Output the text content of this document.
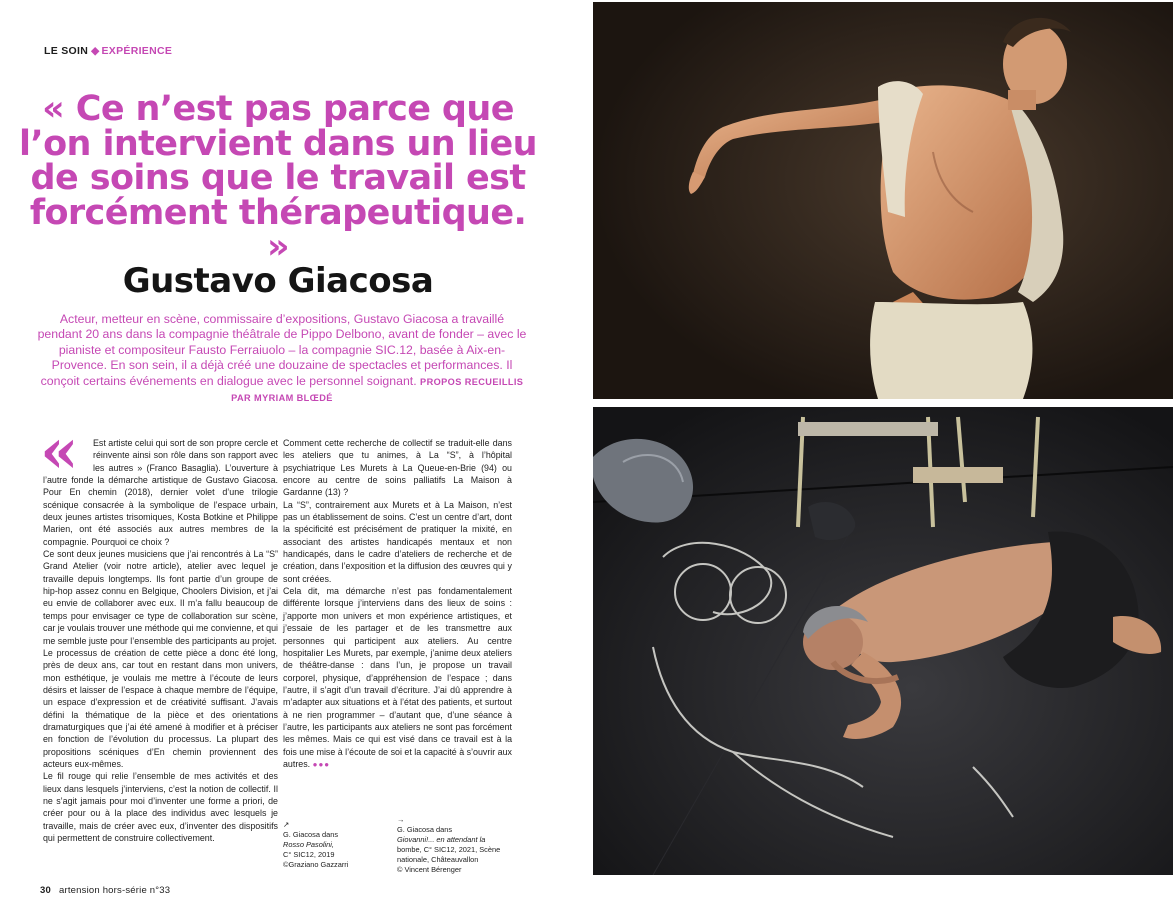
LE SOIN ◆ EXPÉRIENCE
« Ce n’est pas parce que l’on intervient dans un lieu de soins que le travail est forcément thérapeutique. »
Gustavo Giacosa
Acteur, metteur en scène, commissaire d’expositions, Gustavo Giacosa a travaillé pendant 20 ans dans la compagnie théâtrale de Pippo Delbono, avant de fonder – avec le pianiste et compositeur Fausto Ferraiuolo – la compagnie SIC.12, basée à Aix-en-Provence. En son sein, il a déjà créé une douzaine de spectacles et performances. Il conçoit certains événements en dialogue avec le personnel soignant. PROPOS RECUEILLIS PAR MYRIAM BLŒDÉ
«	Est artiste celui qui sort de son propre cercle et réinvente ainsi son rôle dans son rapport avec les autres » (Franco Basaglia). L’ouverture à l’autre fonde la démarche artistique de Gustavo Giacosa. Pour En chemin (2018), dernier volet d’une trilogie scénique consacrée à la symbolique de l’espace urbain, deux jeunes artistes trisomiques, Kosta Botkine et Philippe Marien, ont été associés aux autres membres de la compagnie. Pourquoi ce choix ?

Ce sont deux jeunes musiciens que j’ai rencontrés à La “S” Grand Atelier (voir notre article), atelier avec lequel je travaille depuis longtemps. Ils font partie d’un groupe de hip-hop assez connu en Belgique, Choolers Division, et j’ai eu envie de collaborer avec eux. Il m’a fallu beaucoup de temps pour envisager ce type de collaboration sur scène, car je voulais trouver une méthode qui me convienne, et qui me semble juste pour l’ensemble des participants au projet.

Le processus de création de cette pièce a donc été long, près de deux ans, car tout en restant dans mon univers, mon esthétique, je voulais me mettre à l’écoute de leurs désirs et laisser de l’espace à chaque membre de l’équipe, un espace d’expression et de créativité suffisant. J’avais défini la thématique de la pièce et des orientations dramaturgiques que j’ai été amené à modifier et à préciser en fonction de l’évolution du processus. La plupart des propositions scéniques d’En chemin proviennent des acteurs eux-mêmes.

Le fil rouge qui relie l’ensemble de mes activités et des lieux dans lesquels j’interviens, c’est la notion de collectif. Il ne s’agit jamais pour moi d’inventer une forme a priori, de créer pour ou à la place des individus avec lesquels je travaille, mais de créer avec eux, d’inventer des dispositifs qui permettent de construire collectivement.

Comment cette recherche de collectif se traduit-elle dans les ateliers que tu animes, à La “S”, à l’hôpital psychiatrique Les Murets à La Queue-en-Brie (94) ou encore au centre de soins palliatifs La Maison à Gardanne (13) ?

La “S”, contrairement aux Murets et à La Maison, n’est pas un établissement de soins. C’est un centre d’art, dont la spécificité est précisément de pratiquer la mixité, en associant des artistes handicapés mentaux et non handicapés, dans le cadre d’ateliers de recherche et de création, dans l’exposition et la diffusion des œuvres qui y sont créées.

Cela dit, ma démarche n’est pas fondamentalement différente lorsque j’interviens dans des lieux de soins : j’apporte mon univers et mon expérience artistiques, et j’essaie de les partager et de les transmettre aux personnes qui participent aux ateliers. Au centre hospitalier Les Murets, par exemple, j’anime deux ateliers de théâtre-danse : dans l’un, je propose un travail corporel, physique, d’appréhension de l’espace ; dans l’autre, il s’agit d’un travail d’écriture. J’ai dû apprendre à m’adapter aux situations et à l’état des patients, et surtout à ne rien programmer – d’autant que, d’une séance à l’autre, les participants aux ateliers ne sont pas forcément les mêmes. Mais ce qui est visé dans ce travail est à la fois une mise à l’écoute de soi et la capacité à s’ouvrir aux autres. ●●●

↗
G. Giacosa dans
Rosso Pasolini,
C° SIC12, 2019
©Graziano Gazzarri
→
G. Giacosa dans
Giovanni!... en attendant la
bombe, C° SIC12, 2021, Scène
nationale, Châteauvallon
© Vincent Bérenger
30 artension hors-série n°33
